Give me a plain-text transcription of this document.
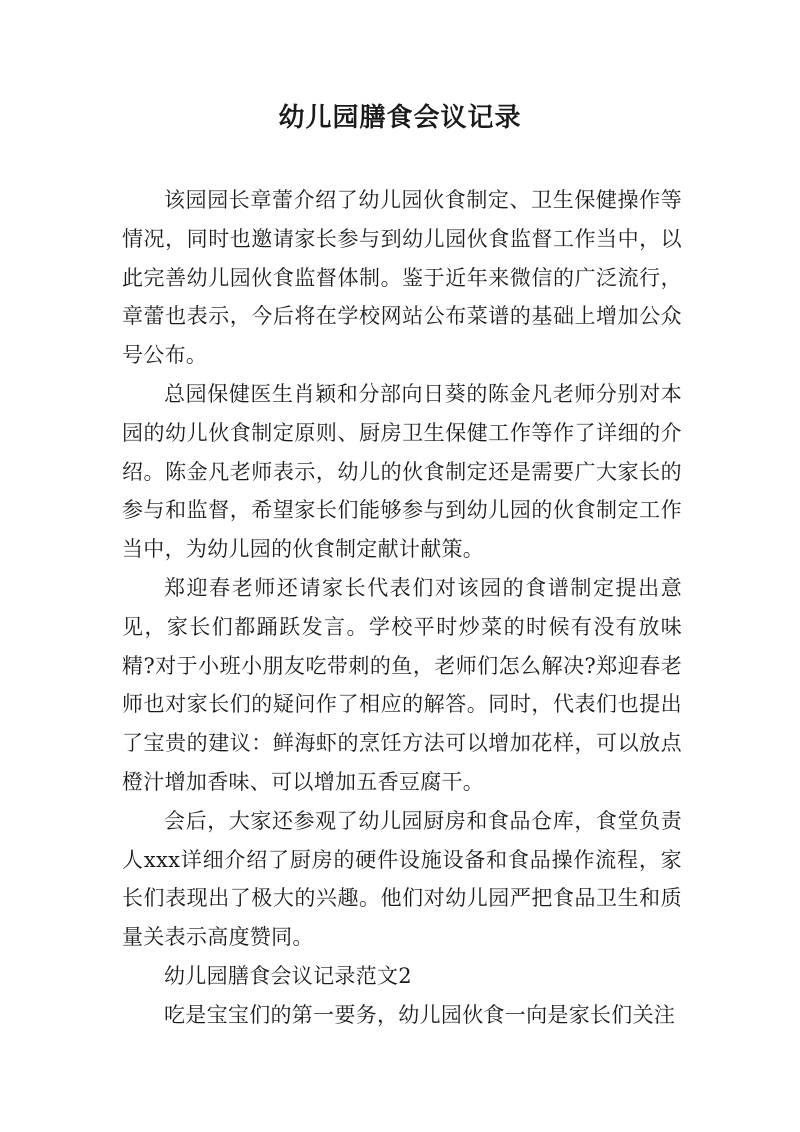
幼儿园膳食会议记录

该园园长章蕾介绍了幼儿园伙食制定、卫生保健操作等情况，同时也邀请家长参与到幼儿园伙食监督工作当中，以此完善幼儿园伙食监督体制。鉴于近年来微信的广泛流行，章蕾也表示，今后将在学校网站公布菜谱的基础上增加公众号公布。

总园保健医生肖颖和分部向日葵的陈金凡老师分别对本园的幼儿伙食制定原则、厨房卫生保健工作等作了详细的介绍。陈金凡老师表示，幼儿的伙食制定还是需要广大家长的参与和监督，希望家长们能够参与到幼儿园的伙食制定工作当中，为幼儿园的伙食制定献计献策。

郑迎春老师还请家长代表们对该园的食谱制定提出意见，家长们都踊跃发言。学校平时炒菜的时候有没有放味精?对于小班小朋友吃带刺的鱼，老师们怎么解决?郑迎春老师也对家长们的疑问作了相应的解答。同时，代表们也提出了宝贵的建议：鲜海虾的烹饪方法可以增加花样，可以放点橙汁增加香味、可以增加五香豆腐干。

会后，大家还参观了幼儿园厨房和食品仓库，食堂负责人xxx详细介绍了厨房的硬件设施设备和食品操作流程，家长们表现出了极大的兴趣。他们对幼儿园严把食品卫生和质量关表示高度赞同。

幼儿园膳食会议记录范文2

吃是宝宝们的第一要务，幼儿园伙食一向是家长们关注
